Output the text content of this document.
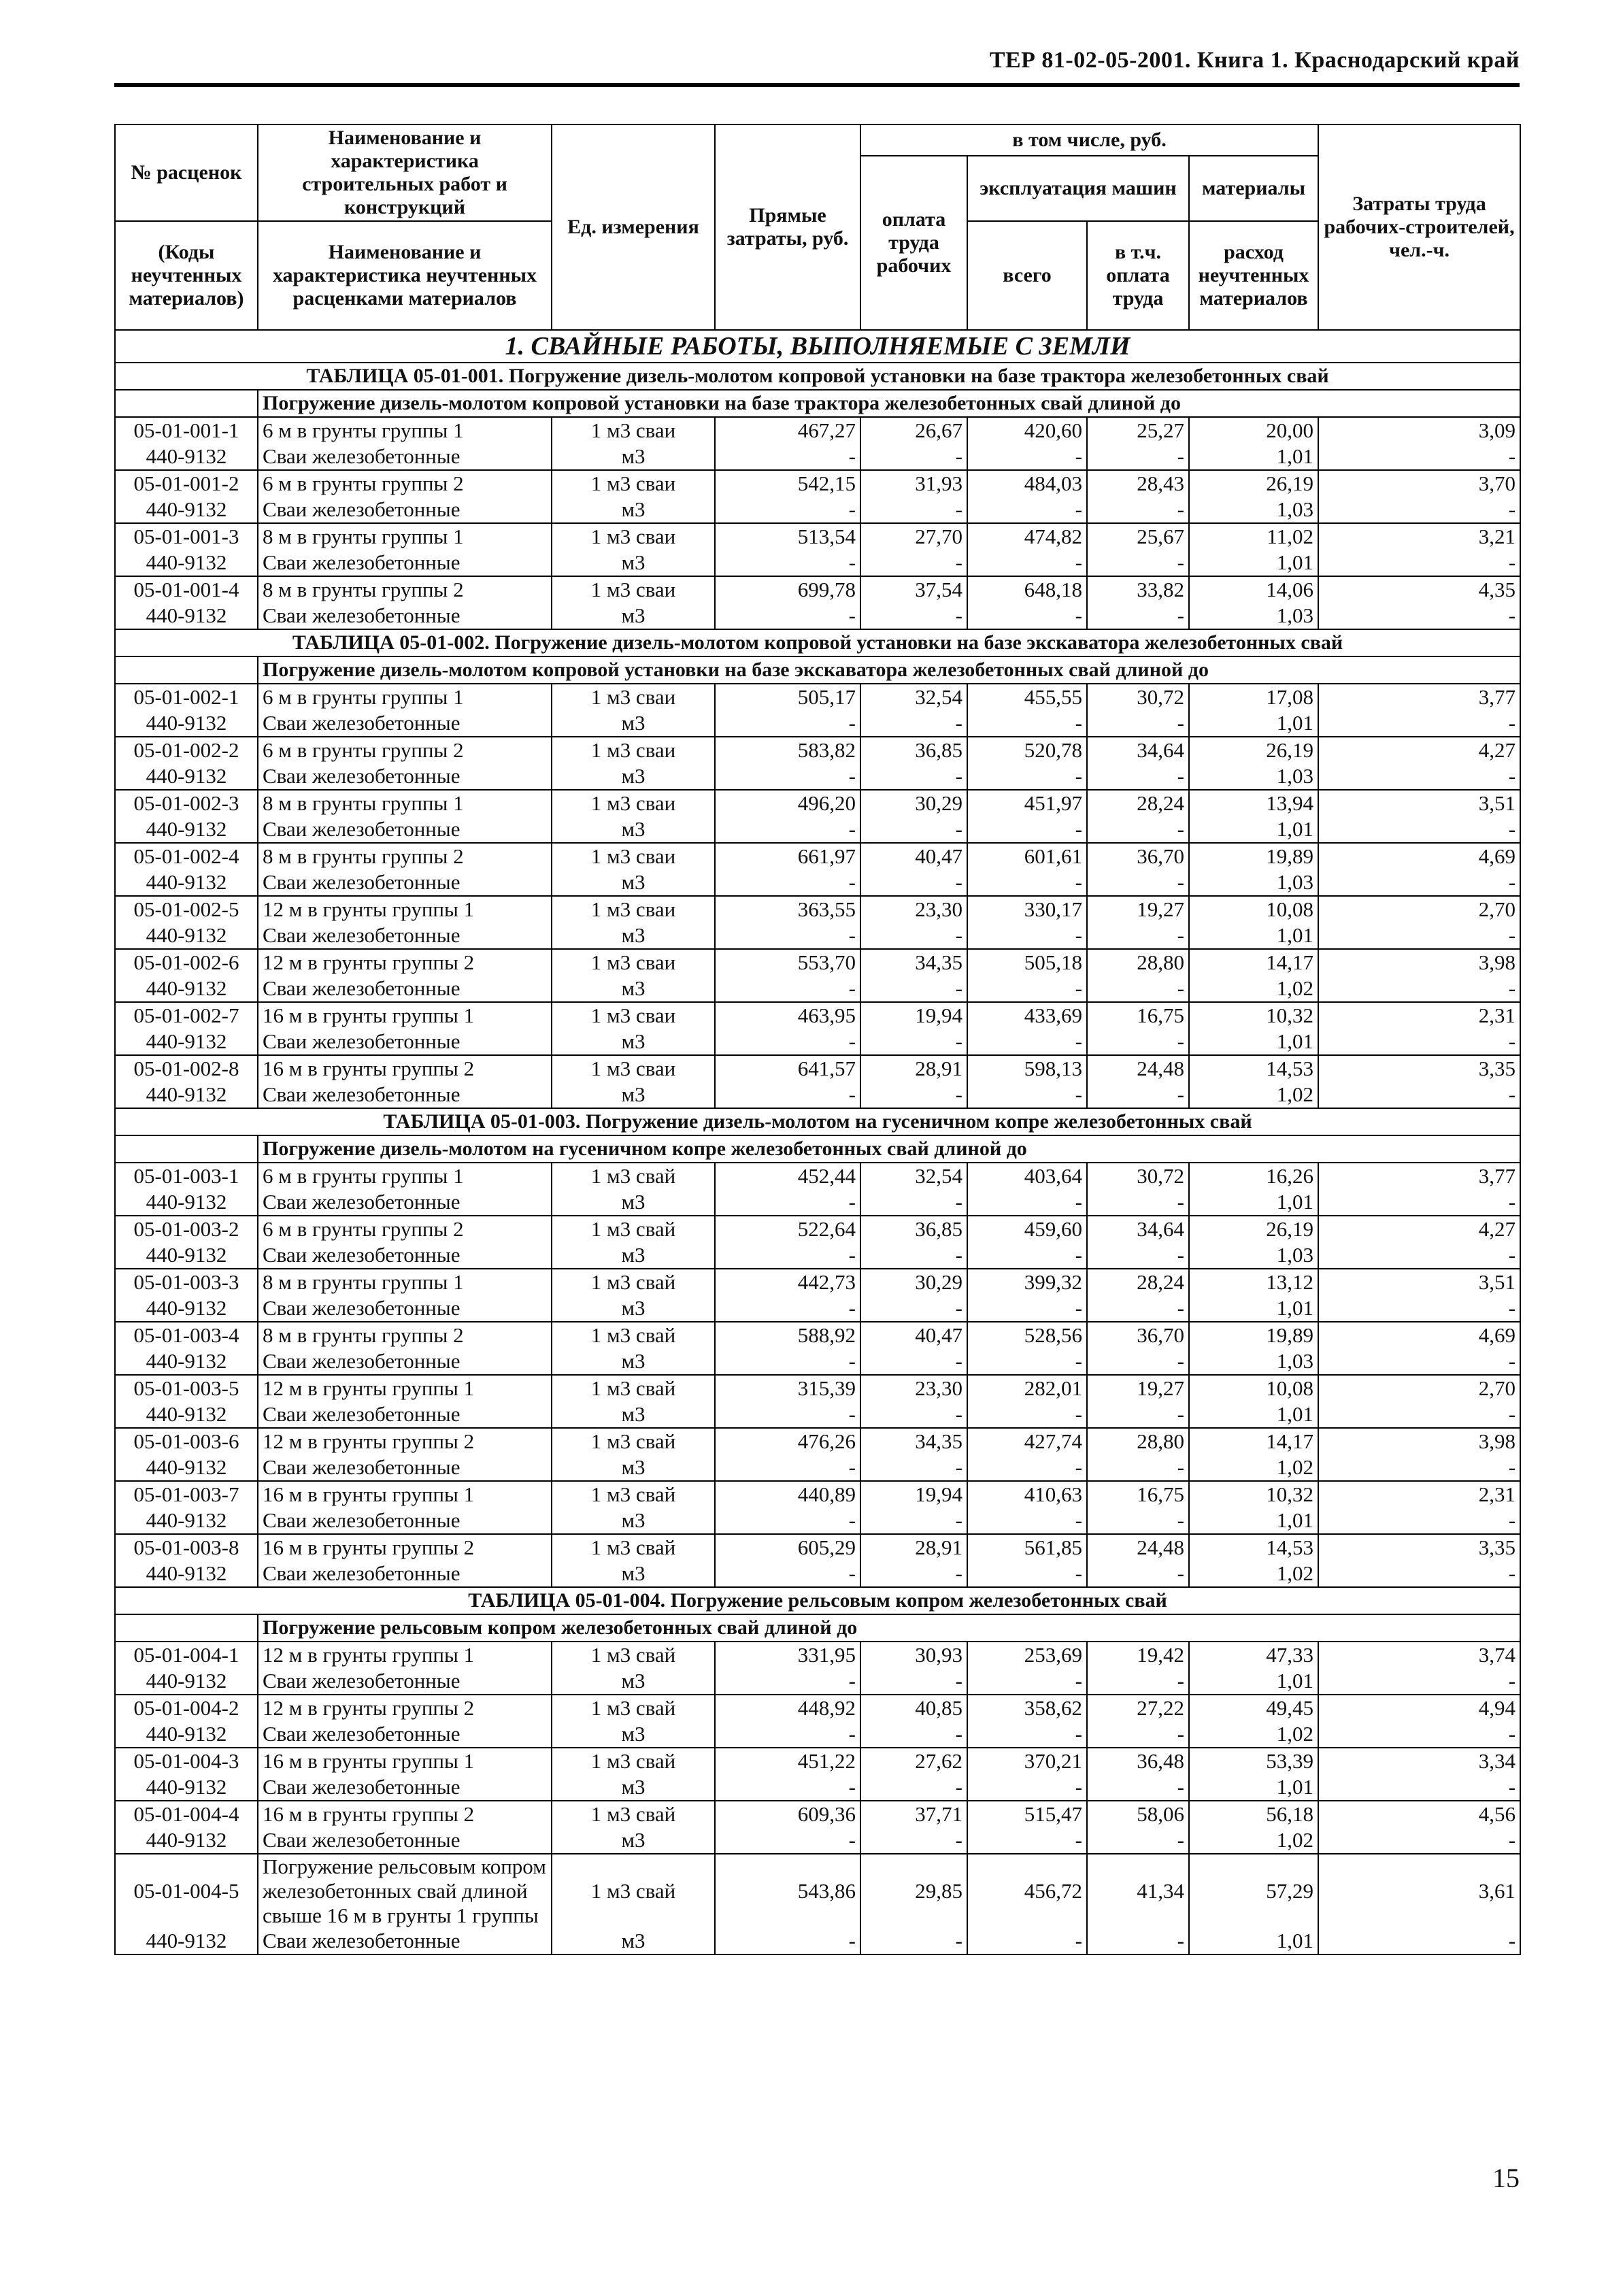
ТЕР 81-02-05-2001. Книга 1. Краснодарский край
№ расценок	Наименование и характеристика строительных работ и конструкций	Ед. измерения	Прямые затраты, руб.	в том числе, руб.				Затраты труда рабочих-строителей, чел.-ч.
				оплата труда рабочих	эксплуатация машин		материалы	
(Коды неучтенных материалов)	Наименование и характеристика неучтенных расценками материалов				всего	в т.ч. оплата труда	расход неучтенных материалов	

1. СВАЙНЫЕ РАБОТЫ, ВЫПОЛНЯЕМЫЕ С ЗЕМЛИ								
ТАБЛИЦА 05-01-001. Погружение дизель-молотом копровой установки на базе трактора железобетонных свай								
	Погружение дизель-молотом копровой установки на базе трактора железобетонных свай длиной до							
05-01-001-1	6 м в грунты группы 1	1 м3 сваи	467,27	26,67	420,60	25,27	20,00	3,09
440-9132	Сваи железобетонные	м3	-	-	-	-	1,01	-
05-01-001-2	6 м в грунты группы 2	1 м3 сваи	542,15	31,93	484,03	28,43	26,19	3,70
440-9132	Сваи железобетонные	м3	-	-	-	-	1,03	-
05-01-001-3	8 м в грунты группы 1	1 м3 сваи	513,54	27,70	474,82	25,67	11,02	3,21
440-9132	Сваи железобетонные	м3	-	-	-	-	1,01	-
05-01-001-4	8 м в грунты группы 2	1 м3 сваи	699,78	37,54	648,18	33,82	14,06	4,35
440-9132	Сваи железобетонные	м3	-	-	-	-	1,03	-
ТАБЛИЦА 05-01-002. Погружение дизель-молотом копровой установки на базе экскаватора железобетонных свай								
	Погружение дизель-молотом копровой установки на базе экскаватора железобетонных свай длиной до							
05-01-002-1	6 м в грунты группы 1	1 м3 сваи	505,17	32,54	455,55	30,72	17,08	3,77
440-9132	Сваи железобетонные	м3	-	-	-	-	1,01	-
05-01-002-2	6 м в грунты группы 2	1 м3 сваи	583,82	36,85	520,78	34,64	26,19	4,27
440-9132	Сваи железобетонные	м3	-	-	-	-	1,03	-
05-01-002-3	8 м в грунты группы 1	1 м3 сваи	496,20	30,29	451,97	28,24	13,94	3,51
440-9132	Сваи железобетонные	м3	-	-	-	-	1,01	-
05-01-002-4	8 м в грунты группы 2	1 м3 сваи	661,97	40,47	601,61	36,70	19,89	4,69
440-9132	Сваи железобетонные	м3	-	-	-	-	1,03	-
05-01-002-5	12 м в грунты группы 1	1 м3 сваи	363,55	23,30	330,17	19,27	10,08	2,70
440-9132	Сваи железобетонные	м3	-	-	-	-	1,01	-
05-01-002-6	12 м в грунты группы 2	1 м3 сваи	553,70	34,35	505,18	28,80	14,17	3,98
440-9132	Сваи железобетонные	м3	-	-	-	-	1,02	-
05-01-002-7	16 м в грунты группы 1	1 м3 сваи	463,95	19,94	433,69	16,75	10,32	2,31
440-9132	Сваи железобетонные	м3	-	-	-	-	1,01	-
05-01-002-8	16 м в грунты группы 2	1 м3 сваи	641,57	28,91	598,13	24,48	14,53	3,35
440-9132	Сваи железобетонные	м3	-	-	-	-	1,02	-
ТАБЛИЦА 05-01-003. Погружение дизель-молотом на гусеничном копре железобетонных свай								
	Погружение дизель-молотом на гусеничном копре железобетонных свай длиной до							
05-01-003-1	6 м в грунты группы 1	1 м3 свай	452,44	32,54	403,64	30,72	16,26	3,77
440-9132	Сваи железобетонные	м3	-	-	-	-	1,01	-
05-01-003-2	6 м в грунты группы 2	1 м3 свай	522,64	36,85	459,60	34,64	26,19	4,27
440-9132	Сваи железобетонные	м3	-	-	-	-	1,03	-
05-01-003-3	8 м в грунты группы 1	1 м3 свай	442,73	30,29	399,32	28,24	13,12	3,51
440-9132	Сваи железобетонные	м3	-	-	-	-	1,01	-
05-01-003-4	8 м в грунты группы 2	1 м3 свай	588,92	40,47	528,56	36,70	19,89	4,69
440-9132	Сваи железобетонные	м3	-	-	-	-	1,03	-
05-01-003-5	12 м в грунты группы 1	1 м3 свай	315,39	23,30	282,01	19,27	10,08	2,70
440-9132	Сваи железобетонные	м3	-	-	-	-	1,01	-
05-01-003-6	12 м в грунты группы 2	1 м3 свай	476,26	34,35	427,74	28,80	14,17	3,98
440-9132	Сваи железобетонные	м3	-	-	-	-	1,02	-
05-01-003-7	16 м в грунты группы 1	1 м3 свай	440,89	19,94	410,63	16,75	10,32	2,31
440-9132	Сваи железобетонные	м3	-	-	-	-	1,01	-
05-01-003-8	16 м в грунты группы 2	1 м3 свай	605,29	28,91	561,85	24,48	14,53	3,35
440-9132	Сваи железобетонные	м3	-	-	-	-	1,02	-
ТАБЛИЦА 05-01-004. Погружение рельсовым копром железобетонных свай								
	Погружение рельсовым копром железобетонных свай длиной до							
05-01-004-1	12 м в грунты группы 1	1 м3 свай	331,95	30,93	253,69	19,42	47,33	3,74
440-9132	Сваи железобетонные	м3	-	-	-	-	1,01	-
05-01-004-2	12 м в грунты группы 2	1 м3 свай	448,92	40,85	358,62	27,22	49,45	4,94
440-9132	Сваи железобетонные	м3	-	-	-	-	1,02	-
05-01-004-3	16 м в грунты группы 1	1 м3 свай	451,22	27,62	370,21	36,48	53,39	3,34
440-9132	Сваи железобетонные	м3	-	-	-	-	1,01	-
05-01-004-4	16 м в грунты группы 2	1 м3 свай	609,36	37,71	515,47	58,06	56,18	4,56
440-9132	Сваи железобетонные	м3	-	-	-	-	1,02	-
05-01-004-5	Погружение рельсовым копром железобетонных свай длиной свыше 16 м в грунты 1 группы	1 м3 свай	543,86	29,85	456,72	41,34	57,29	3,61
440-9132	Сваи железобетонные	м3	-	-	-	-	1,01	-
15
